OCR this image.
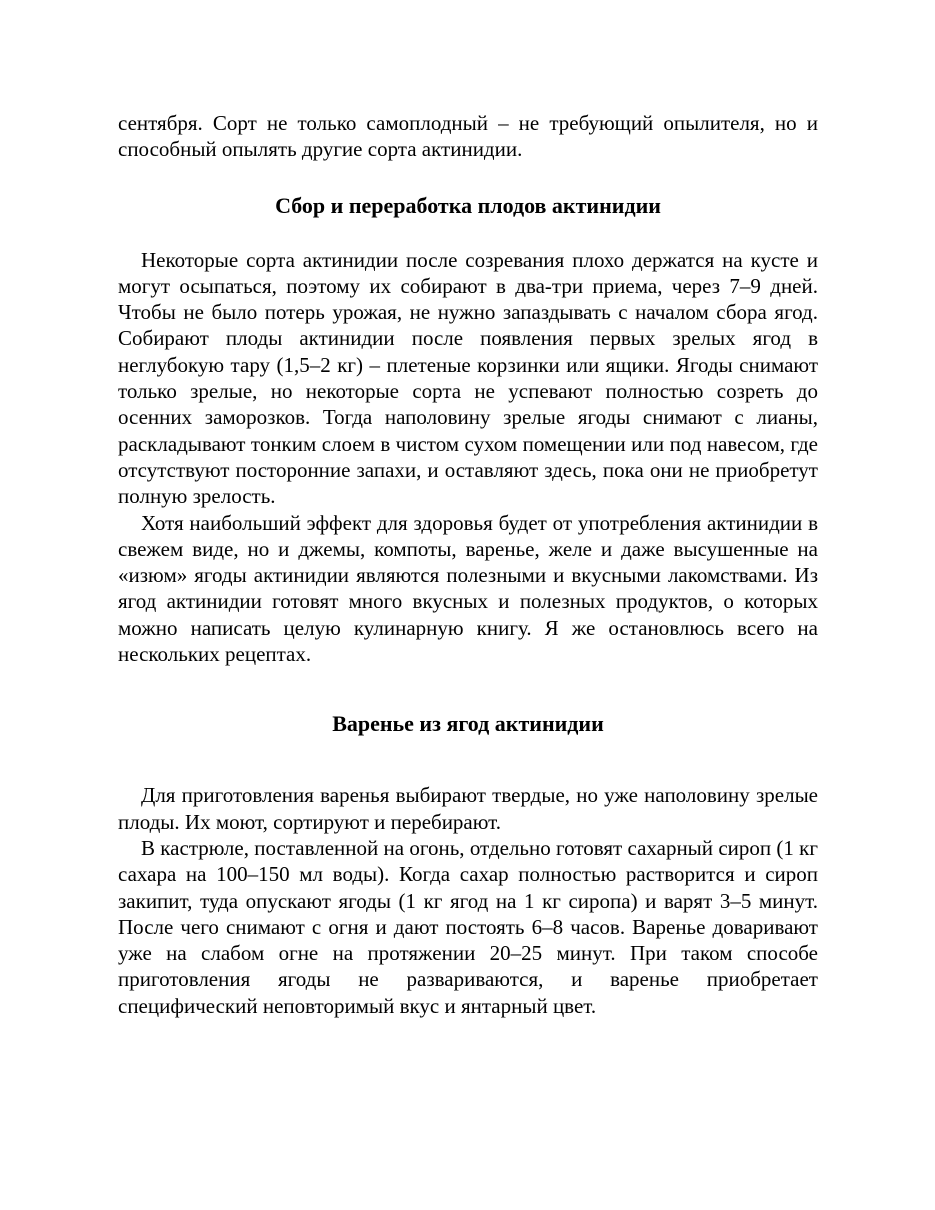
сентября. Сорт не только самоплодный – не требующий опылителя, но и способный опылять другие сорта актинидии.

Сбор и переработка плодов актинидии

Некоторые сорта актинидии после созревания плохо держатся на кусте и могут осыпаться, поэтому их собирают в два-три приема, через 7–9 дней. Чтобы не было потерь урожая, не нужно запаздывать с началом сбора ягод. Собирают плоды актинидии после появления первых зрелых ягод в неглубокую тару (1,5–2 кг) – плетеные корзинки или ящики. Ягоды снимают только зрелые, но некоторые сорта не успевают полностью созреть до осенних заморозков. Тогда наполовину зрелые ягоды снимают с лианы, раскладывают тонким слоем в чистом сухом помещении или под навесом, где отсутствуют посторонние запахи, и оставляют здесь, пока они не приобретут полную зрелость.

Хотя наибольший эффект для здоровья будет от употребления актинидии в свежем виде, но и джемы, компоты, варенье, желе и даже высушенные на «изюм» ягоды актинидии являются полезными и вкусными лакомствами. Из ягод актинидии готовят много вкусных и полезных продуктов, о которых можно написать целую кулинарную книгу. Я же остановлюсь всего на нескольких рецептах.

Варенье из ягод актинидии

Для приготовления варенья выбирают твердые, но уже наполовину зрелые плоды. Их моют, сортируют и перебирают.

В кастрюле, поставленной на огонь, отдельно готовят сахарный сироп (1 кг сахара на 100–150 мл воды). Когда сахар полностью растворится и сироп закипит, туда опускают ягоды (1 кг ягод на 1 кг сиропа) и варят 3–5 минут. После чего снимают с огня и дают постоять 6–8 часов. Варенье доваривают уже на слабом огне на протяжении 20–25 минут. При таком способе приготовления ягоды не развариваются, и варенье приобретает специфический неповторимый вкус и янтарный цвет.
